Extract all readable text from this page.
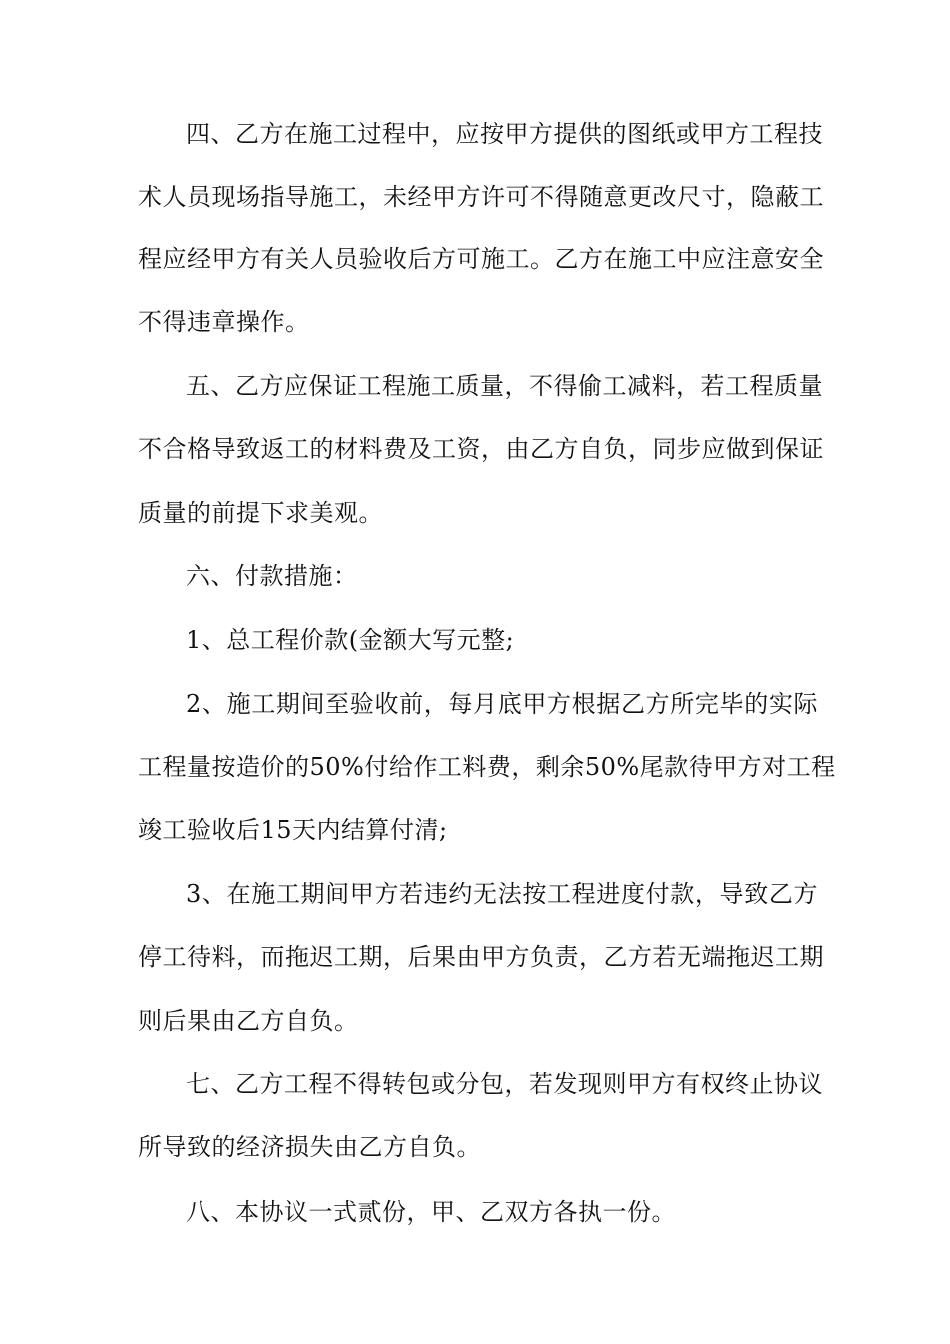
四、乙方在施工过程中，应按甲方提供的图纸或甲方工程技
术人员现场指导施工，未经甲方许可不得随意更改尺寸，隐蔽工
程应经甲方有关人员验收后方可施工。乙方在施工中应注意安全
不得违章操作。
五、乙方应保证工程施工质量，不得偷工减料，若工程质量
不合格导致返工的材料费及工资，由乙方自负，同步应做到保证
质量的前提下求美观。
六、付款措施：
1、总工程价款(金额大写元整;
2、施工期间至验收前，每月底甲方根据乙方所完毕的实际
工程量按造价的50%付给作工料费，剩余50%尾款待甲方对工程
竣工验收后15天内结算付清;
3、在施工期间甲方若违约无法按工程进度付款，导致乙方
停工待料，而拖迟工期，后果由甲方负责，乙方若无端拖迟工期
则后果由乙方自负。
七、乙方工程不得转包或分包，若发现则甲方有权终止协议
所导致的经济损失由乙方自负。
八、本协议一式贰份，甲、乙双方各执一份。
